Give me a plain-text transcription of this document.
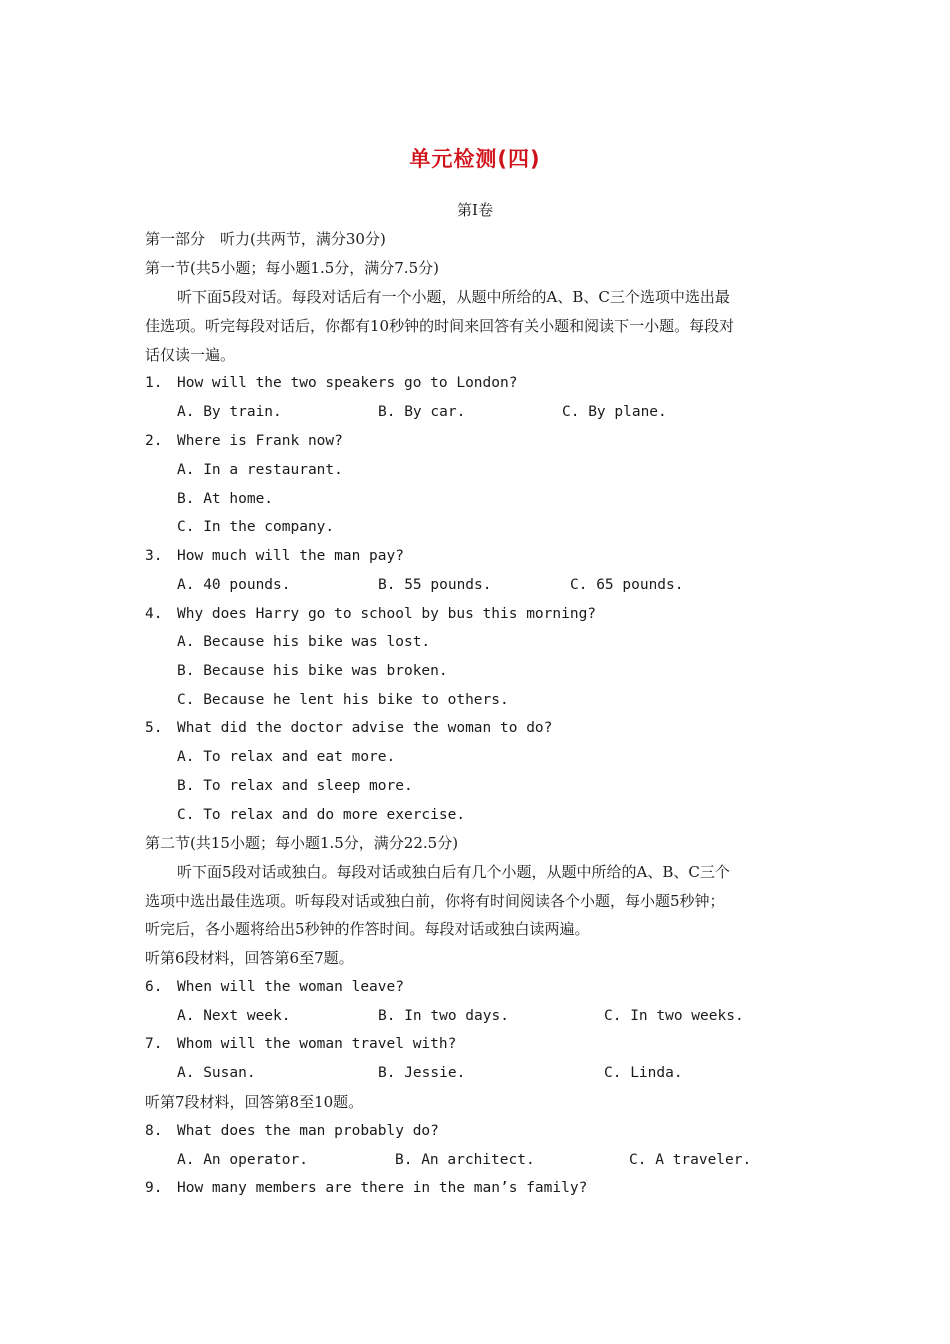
单元检测(四)
第Ⅰ卷
第一部分　听力(共两节，满分30分)
第一节(共5小题；每小题1.5分，满分7.5分)
听下面5段对话。每段对话后有一个小题，从题中所给的A、B、C三个选项中选出最
佳选项。听完每段对话后，你都有10秒钟的时间来回答有关小题和阅读下一小题。每段对
话仅读一遍。
1. How will the two speakers go to London?
A. By train.	B. By car.	C. By plane.
2. Where is Frank now?
A. In a restaurant.
B. At home.
C. In the company.
3. How much will the man pay?
A. 40 pounds.	B. 55 pounds.	C. 65 pounds.
4. Why does Harry go to school by bus this morning?
A. Because his bike was lost.
B. Because his bike was broken.
C. Because he lent his bike to others.
5. What did the doctor advise the woman to do?
A. To relax and eat more.
B. To relax and sleep more.
C. To relax and do more exercise.
第二节(共15小题；每小题1.5分，满分22.5分)
听下面5段对话或独白。每段对话或独白后有几个小题，从题中所给的A、B、C三个
选项中选出最佳选项。听每段对话或独白前，你将有时间阅读各个小题，每小题5秒钟；
听完后，各小题将给出5秒钟的作答时间。每段对话或独白读两遍。
听第6段材料，回答第6至7题。
6. When will the woman leave?
A. Next week.	B. In two days.	C. In two weeks.
7. Whom will the woman travel with?
A. Susan.	B. Jessie.	C. Linda.
听第7段材料，回答第8至10题。
8. What does the man probably do?
A. An operator.	B. An architect.	C. A traveler.
9. How many members are there in the man’s family?
